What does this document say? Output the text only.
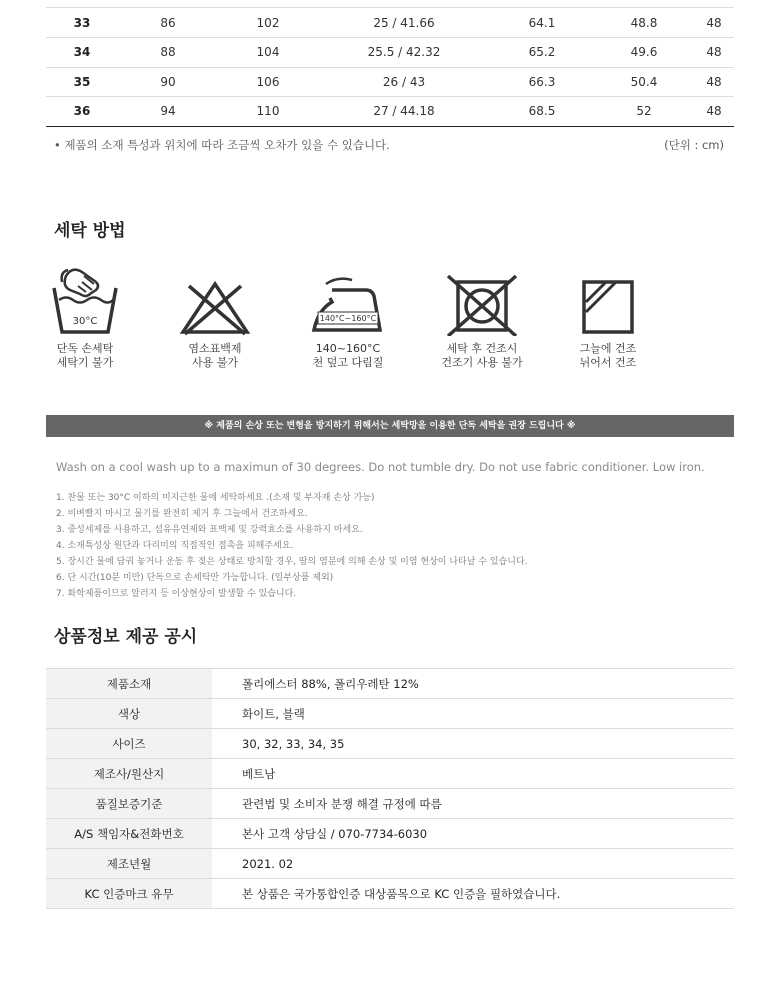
33	86	102	25 / 41.66	64.1	48.8	48
34	88	104	25.5 / 42.32	65.2	49.6	48
35	90	106	26 / 43	66.3	50.4	48
36	94	110	27 / 44.18	68.5	52	48
• 제품의 소재 특성과 위치에 따라 조금씩 오차가 있을 수 있습니다.	(단위 : cm)
세탁 방법
30°C
단독 손세탁
세탁기 불가
염소표백제
사용 불가
140°C~160°C
140~160°C
천 덮고 다림질
세탁 후 건조시
건조기 사용 불가
그늘에 건조
뉘어서 건조
※ 제품의 손상 또는 변형을 방지하기 위해서는 세탁망을 이용한 단독 세탁을 권장 드립니다 ※
Wash on a cool wash up to a maximun of 30 degrees. Do not tumble dry. Do not use fabric conditioner. Low iron.
1. 찬물 또는 30°C 이하의 미지근한 물에 세탁하세요 .(소재 및 부자재 손상 가능)
2. 비벼빨지 마시고 물기를 완전히 제거 후 그늘에서 건조하세요.
3. 중성세제를 사용하고, 섬유유연제와 표백제 및 강력효소를 사용하지 마세요.
4. 소재특성상 원단과 다리미의 직접적인 접촉을 피해주세요.
5. 장시간 물에 담궈 놓거나 운동 후 젖은 상태로 방치할 경우, 땀의 염분에 의해 손상 및 이염 현상이 나타날 수 있습니다.
6. 단 시간(10분 미만) 단독으로 손세탁만 가능합니다. (일부상품 제외)
7. 화학제품이므로 알러지 등 이상현상이 발생할 수 있습니다.
상품정보 제공 공시
제품소재	폴리에스터 88%, 폴리우레탄 12%
색상	화이트, 블랙
사이즈	30, 32, 33, 34, 35
제조사/원산지	베트남
품질보증기준	관련법 및 소비자 분쟁 해결 규정에 따름
A/S 책임자&전화번호	본사 고객 상담실 / 070-7734-6030
제조년월	2021. 02
KC 인증마크 유무	본 상품은 국가통합인증 대상품목으로 KC 인증을 필하였습니다.
